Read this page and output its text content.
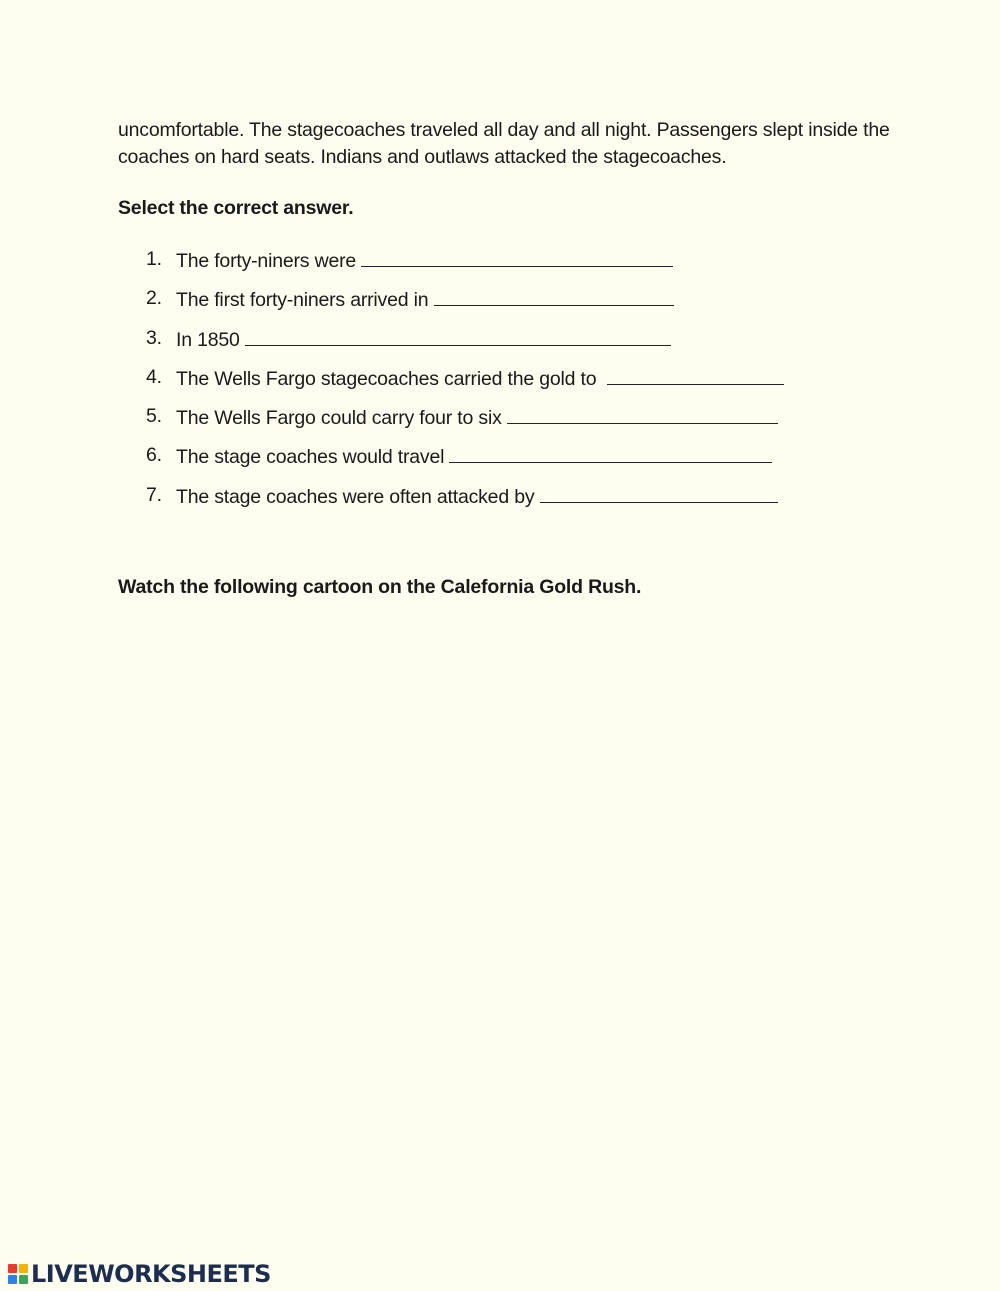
uncomfortable. The stagecoaches traveled all day and all night. Passengers slept inside the

coaches on hard seats. Indians and outlaws attacked the stagecoaches.

Select the correct answer.
1. The forty-niners were
2. The first forty-niners arrived in
3. In 1850
4. The Wells Fargo stagecoaches carried the gold to
5. The Wells Fargo could carry four to six
6. The stage coaches would travel
7. The stage coaches were often attacked by
Watch the following cartoon on the Calefornia Gold Rush.
LIVEWORKSHEETS
